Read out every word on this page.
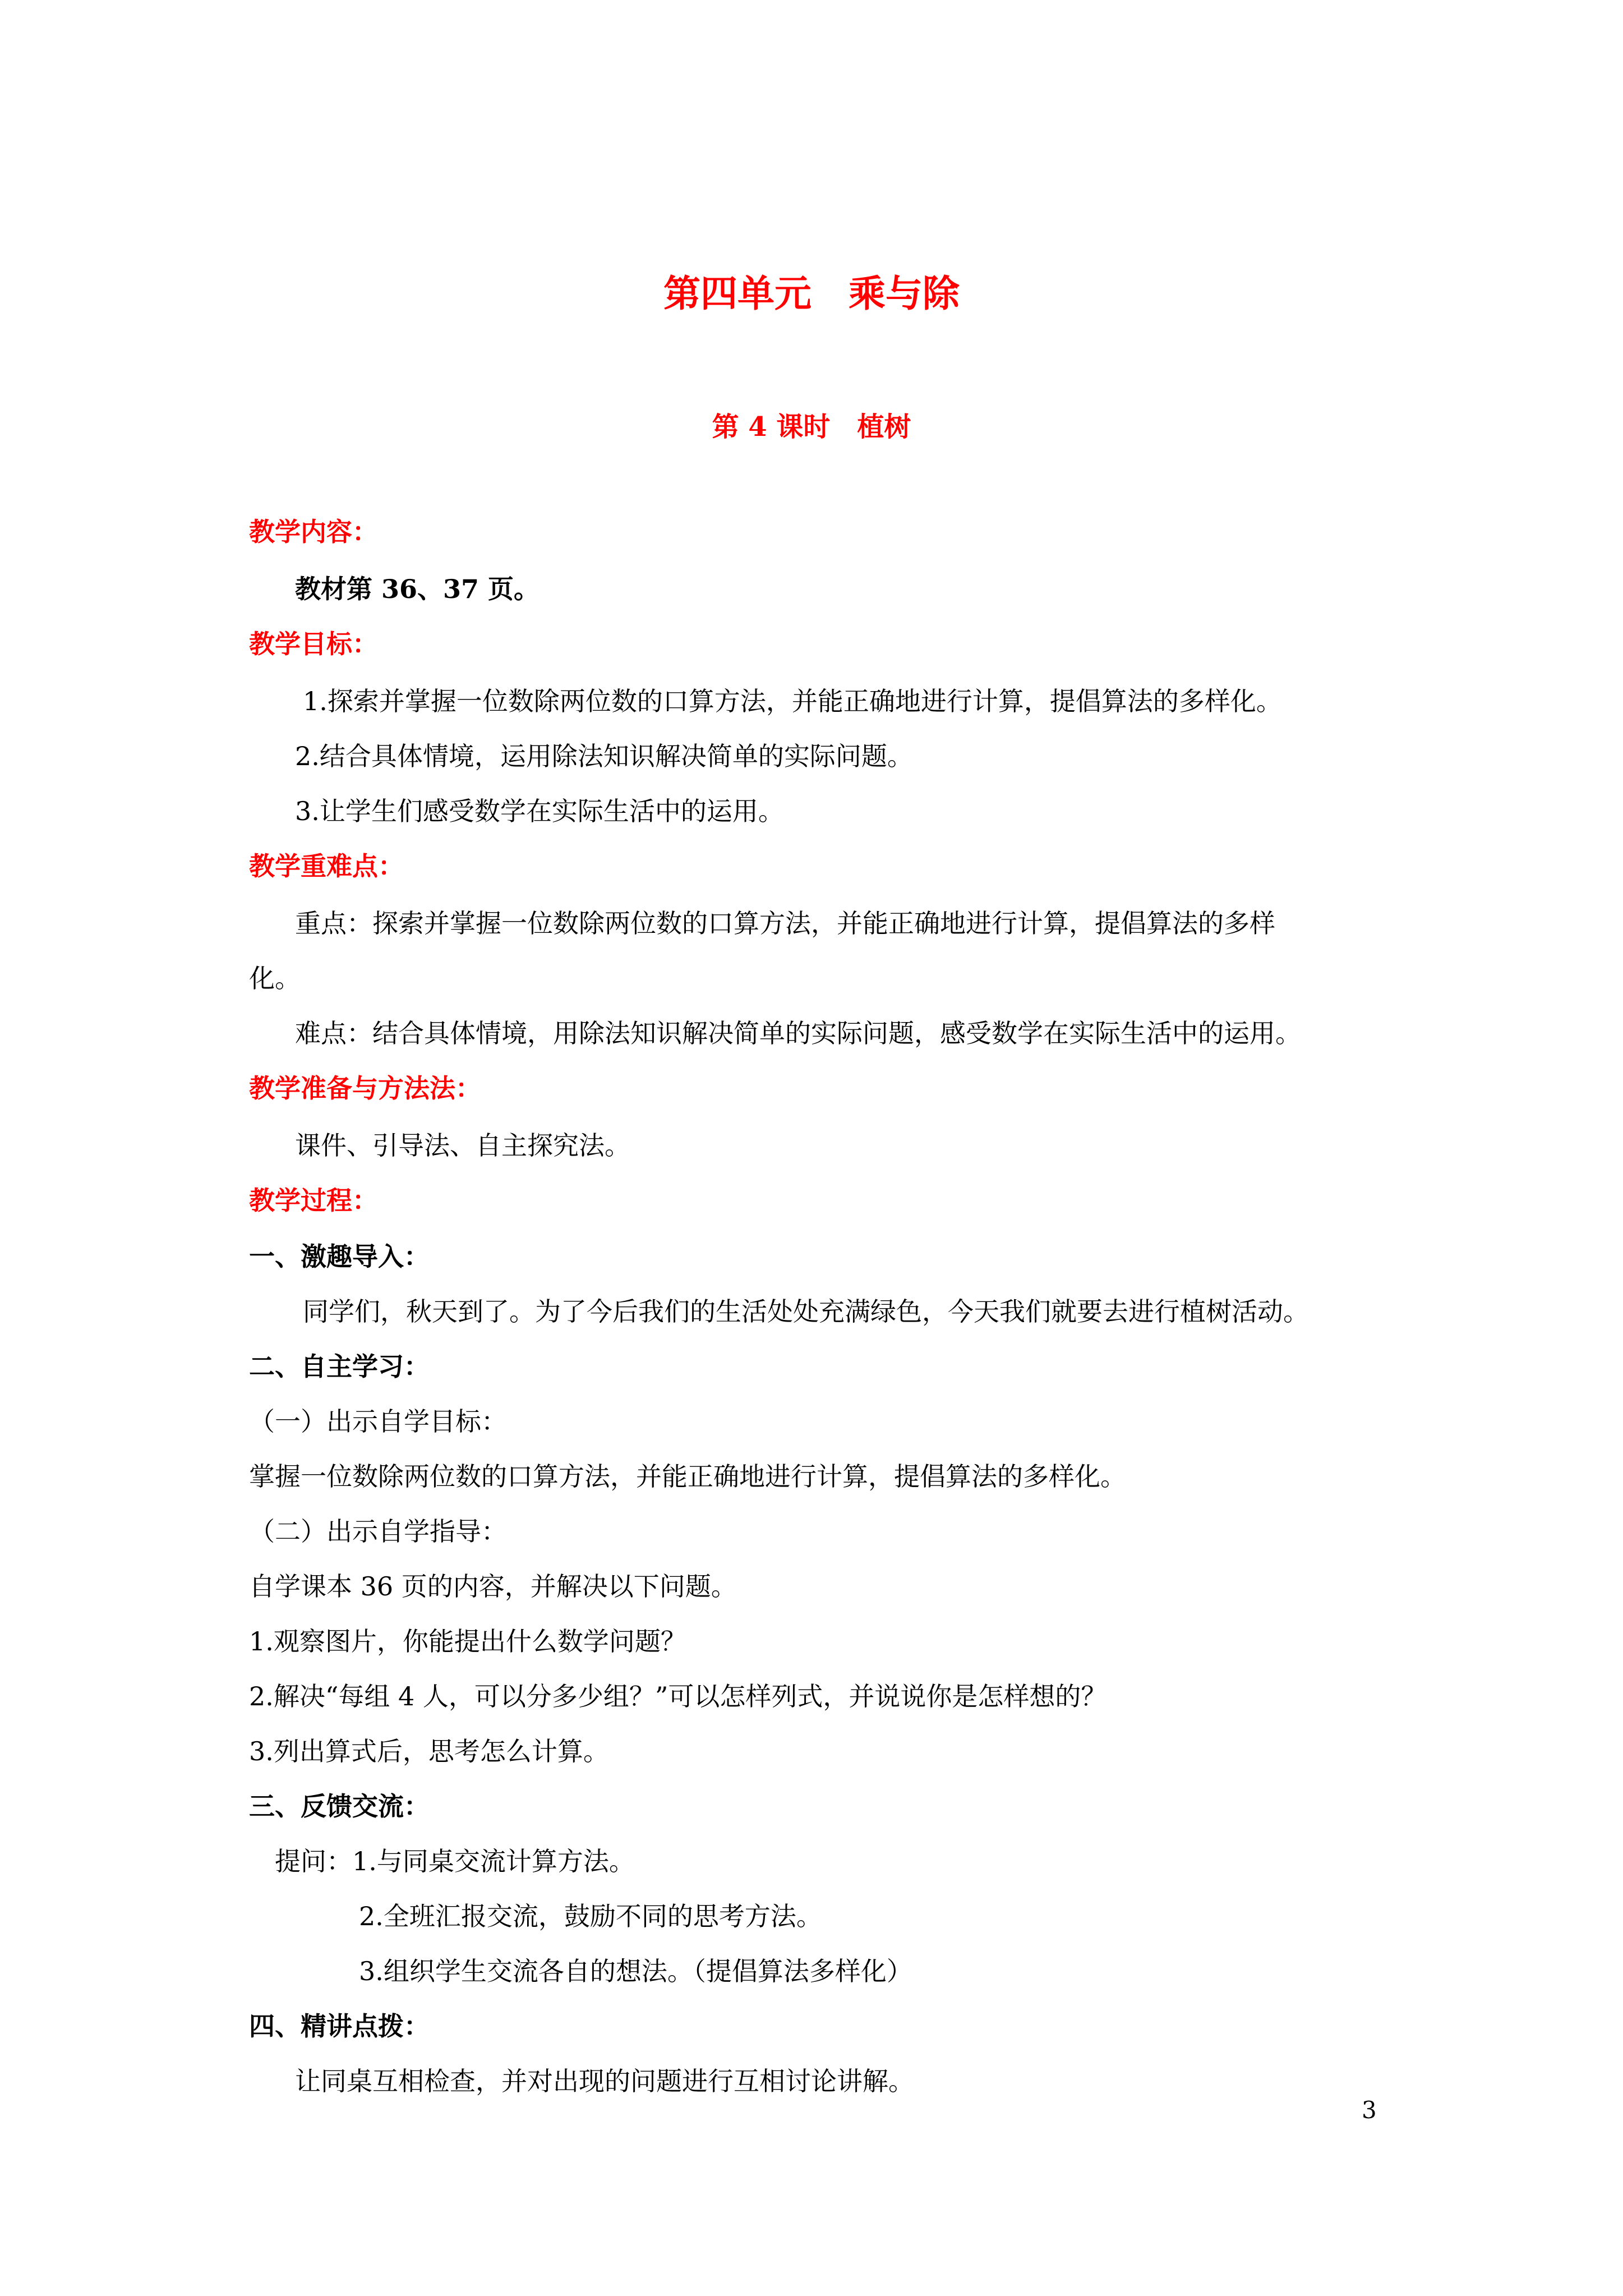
第四单元　乘与除
第 4 课时　植树
教学内容：
教材第 36、37 页。
教学目标：
1.探索并掌握一位数除两位数的口算方法，并能正确地进行计算，提倡算法的多样化。
2.结合具体情境，运用除法知识解决简单的实际问题。
3.让学生们感受数学在实际生活中的运用。
教学重难点：
重点：探索并掌握一位数除两位数的口算方法，并能正确地进行计算，提倡算法的多样
化。
难点：结合具体情境，用除法知识解决简单的实际问题，感受数学在实际生活中的运用。
教学准备与方法法：
课件、引导法、自主探究法。
教学过程：
一、激趣导入：
同学们，秋天到了。为了今后我们的生活处处充满绿色，今天我们就要去进行植树活动。
二、自主学习：
（一）出示自学目标：
掌握一位数除两位数的口算方法，并能正确地进行计算，提倡算法的多样化。
（二）出示自学指导：
自学课本 36 页的内容，并解决以下问题。
1.观察图片，你能提出什么数学问题？
2.解决“每组 4 人，可以分多少组？”可以怎样列式，并说说你是怎样想的？
3.列出算式后，思考怎么计算。
三、反馈交流：
提问：1.与同桌交流计算方法。
2.全班汇报交流，鼓励不同的思考方法。
3.组织学生交流各自的想法。（提倡算法多样化）
四、精讲点拨：
让同桌互相检查，并对出现的问题进行互相讨论讲解。
3
